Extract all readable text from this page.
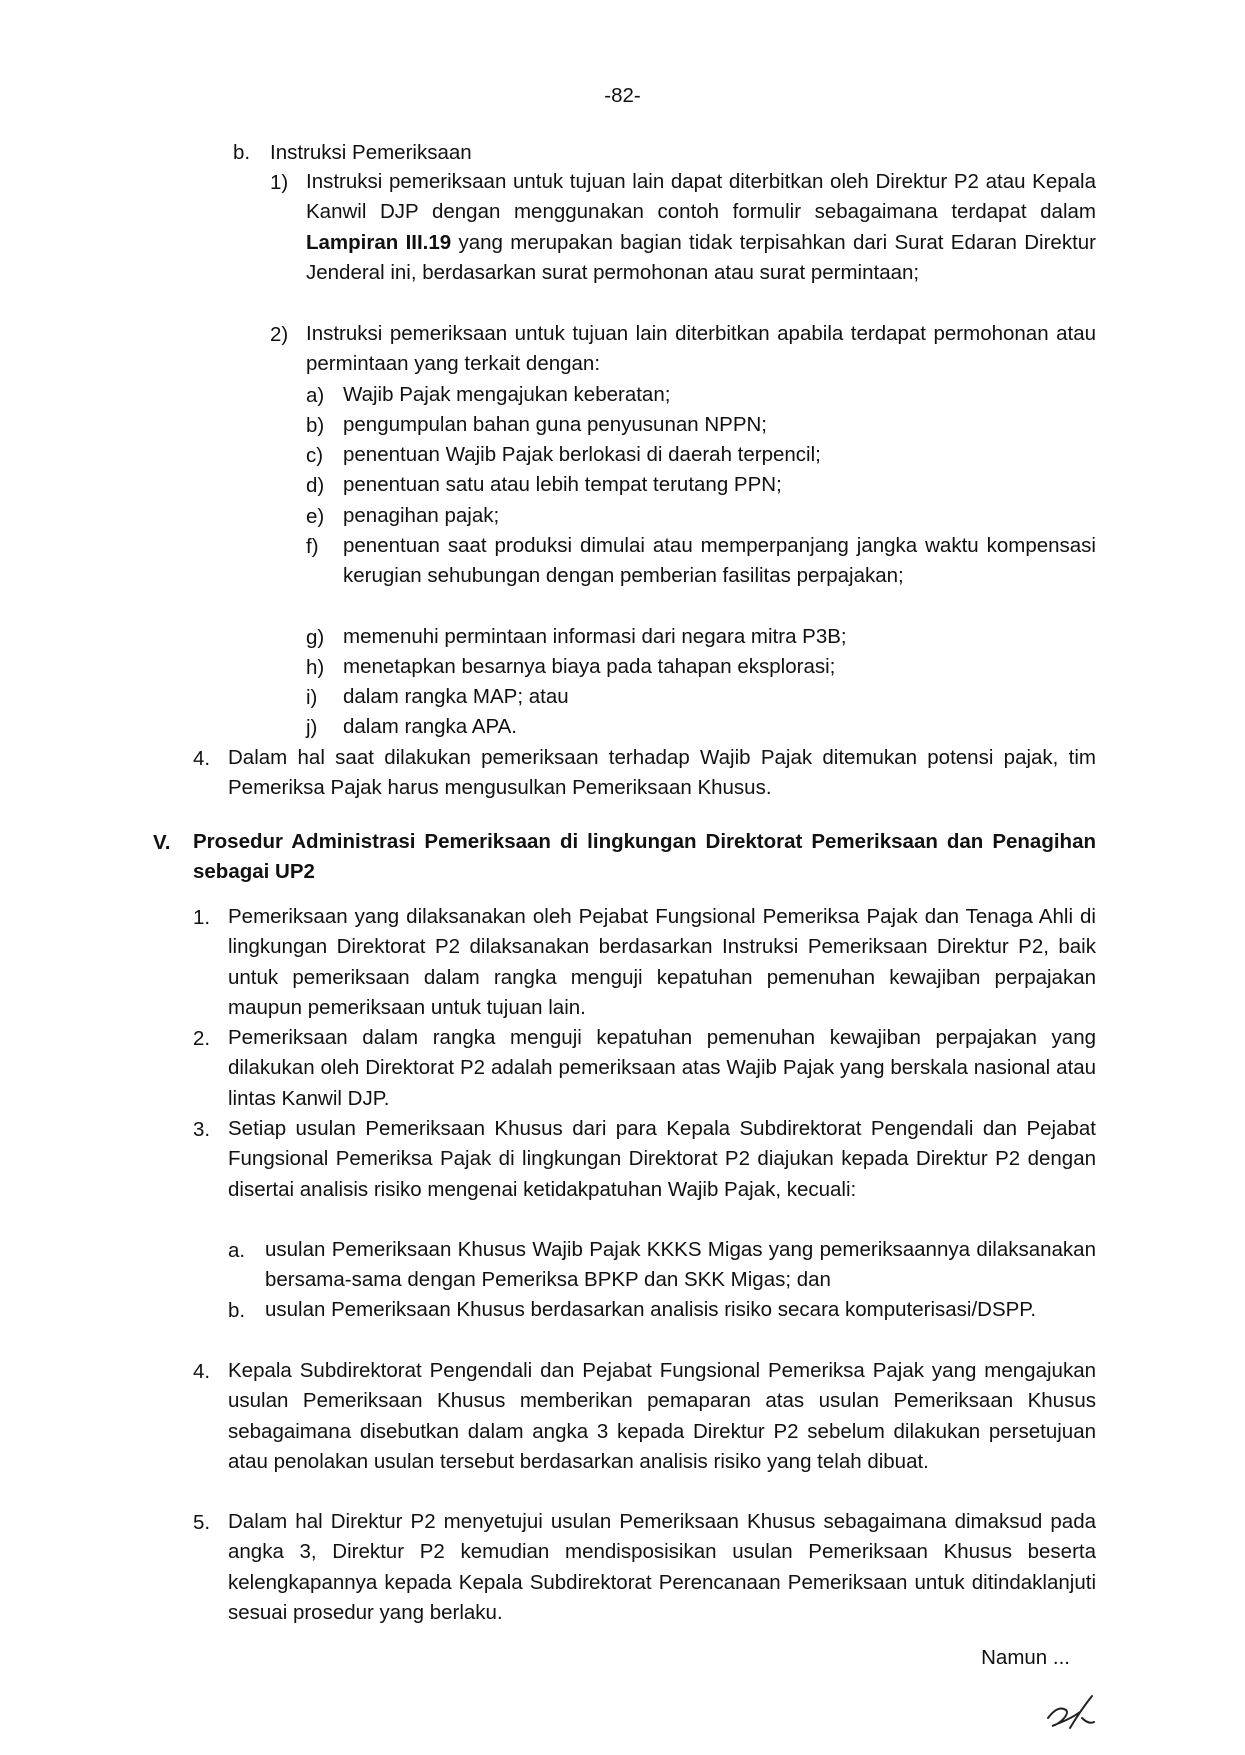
-82-
b. Instruksi Pemeriksaan
1) Instruksi pemeriksaan untuk tujuan lain dapat diterbitkan oleh Direktur P2 atau Kepala Kanwil DJP dengan menggunakan contoh formulir sebagaimana terdapat dalam Lampiran III.19 yang merupakan bagian tidak terpisahkan dari Surat Edaran Direktur Jenderal ini, berdasarkan surat permohonan atau surat permintaan;
2) Instruksi pemeriksaan untuk tujuan lain diterbitkan apabila terdapat permohonan atau permintaan yang terkait dengan:
a) Wajib Pajak mengajukan keberatan;
b) pengumpulan bahan guna penyusunan NPPN;
c) penentuan Wajib Pajak berlokasi di daerah terpencil;
d) penentuan satu atau lebih tempat terutang PPN;
e) penagihan pajak;
f) penentuan saat produksi dimulai atau memperpanjang jangka waktu kompensasi kerugian sehubungan dengan pemberian fasilitas perpajakan;
g) memenuhi permintaan informasi dari negara mitra P3B;
h) menetapkan besarnya biaya pada tahapan eksplorasi;
i) dalam rangka MAP; atau
j) dalam rangka APA.
4. Dalam hal saat dilakukan pemeriksaan terhadap Wajib Pajak ditemukan potensi pajak, tim Pemeriksa Pajak harus mengusulkan Pemeriksaan Khusus.
V. Prosedur Administrasi Pemeriksaan di lingkungan Direktorat Pemeriksaan dan Penagihan sebagai UP2
1. Pemeriksaan yang dilaksanakan oleh Pejabat Fungsional Pemeriksa Pajak dan Tenaga Ahli di lingkungan Direktorat P2 dilaksanakan berdasarkan Instruksi Pemeriksaan Direktur P2, baik untuk pemeriksaan dalam rangka menguji kepatuhan pemenuhan kewajiban perpajakan maupun pemeriksaan untuk tujuan lain.
2. Pemeriksaan dalam rangka menguji kepatuhan pemenuhan kewajiban perpajakan yang dilakukan oleh Direktorat P2 adalah pemeriksaan atas Wajib Pajak yang berskala nasional atau lintas Kanwil DJP.
3. Setiap usulan Pemeriksaan Khusus dari para Kepala Subdirektorat Pengendali dan Pejabat Fungsional Pemeriksa Pajak di lingkungan Direktorat P2 diajukan kepada Direktur P2 dengan disertai analisis risiko mengenai ketidakpatuhan Wajib Pajak, kecuali:
a. usulan Pemeriksaan Khusus Wajib Pajak KKKS Migas yang pemeriksaannya dilaksanakan bersama-sama dengan Pemeriksa BPKP dan SKK Migas; dan
b. usulan Pemeriksaan Khusus berdasarkan analisis risiko secara komputerisasi/DSPP.
4. Kepala Subdirektorat Pengendali dan Pejabat Fungsional Pemeriksa Pajak yang mengajukan usulan Pemeriksaan Khusus memberikan pemaparan atas usulan Pemeriksaan Khusus sebagaimana disebutkan dalam angka 3 kepada Direktur P2 sebelum dilakukan persetujuan atau penolakan usulan tersebut berdasarkan analisis risiko yang telah dibuat.
5. Dalam hal Direktur P2 menyetujui usulan Pemeriksaan Khusus sebagaimana dimaksud pada angka 3, Direktur P2 kemudian mendisposisikan usulan Pemeriksaan Khusus beserta kelengkapannya kepada Kepala Subdirektorat Perencanaan Pemeriksaan untuk ditindaklanjuti sesuai prosedur yang berlaku.
Namun ...
